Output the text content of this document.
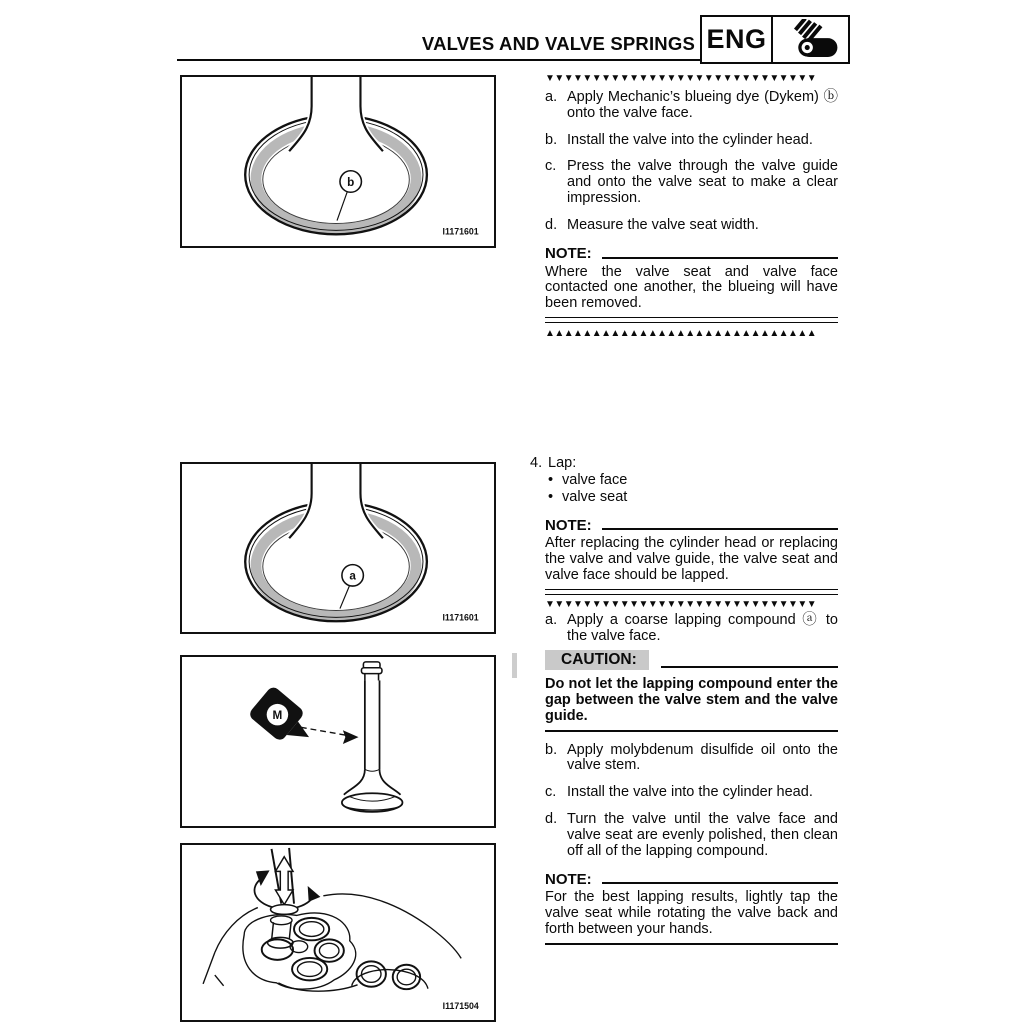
VALVES AND VALVE SPRINGS ENG
b
I1171601
a
I1171601
M
I1171504
▼▼▼▼▼▼▼▼▼▼▼▼▼▼▼▼▼▼▼▼▼▼▼▼▼▼▼▼▼
a. Apply Mechanic’s blueing dye (Dykem) ⓑ onto the valve face.
b. Install the valve into the cylinder head.
c. Press the valve through the valve guide and onto the valve seat to make a clear impression.
d. Measure the valve seat width.
NOTE:
Where the valve seat and valve face contacted one another, the blueing will have been removed.
▲▲▲▲▲▲▲▲▲▲▲▲▲▲▲▲▲▲▲▲▲▲▲▲▲▲▲▲▲
4. Lap:
• valve face
• valve seat
NOTE:
After replacing the cylinder head or replacing the valve and valve guide, the valve seat and valve face should be lapped.
▼▼▼▼▼▼▼▼▼▼▼▼▼▼▼▼▼▼▼▼▼▼▼▼▼▼▼▼▼
a. Apply a coarse lapping compound ⓐ to the valve face.
CAUTION:
Do not let the lapping compound enter the gap between the valve stem and the valve guide.
b. Apply molybdenum disulfide oil onto the valve stem.
c. Install the valve into the cylinder head.
d. Turn the valve until the valve face and valve seat are evenly polished, then clean off all of the lapping compound.
NOTE:
For the best lapping results, lightly tap the valve seat while rotating the valve back and forth between your hands.
